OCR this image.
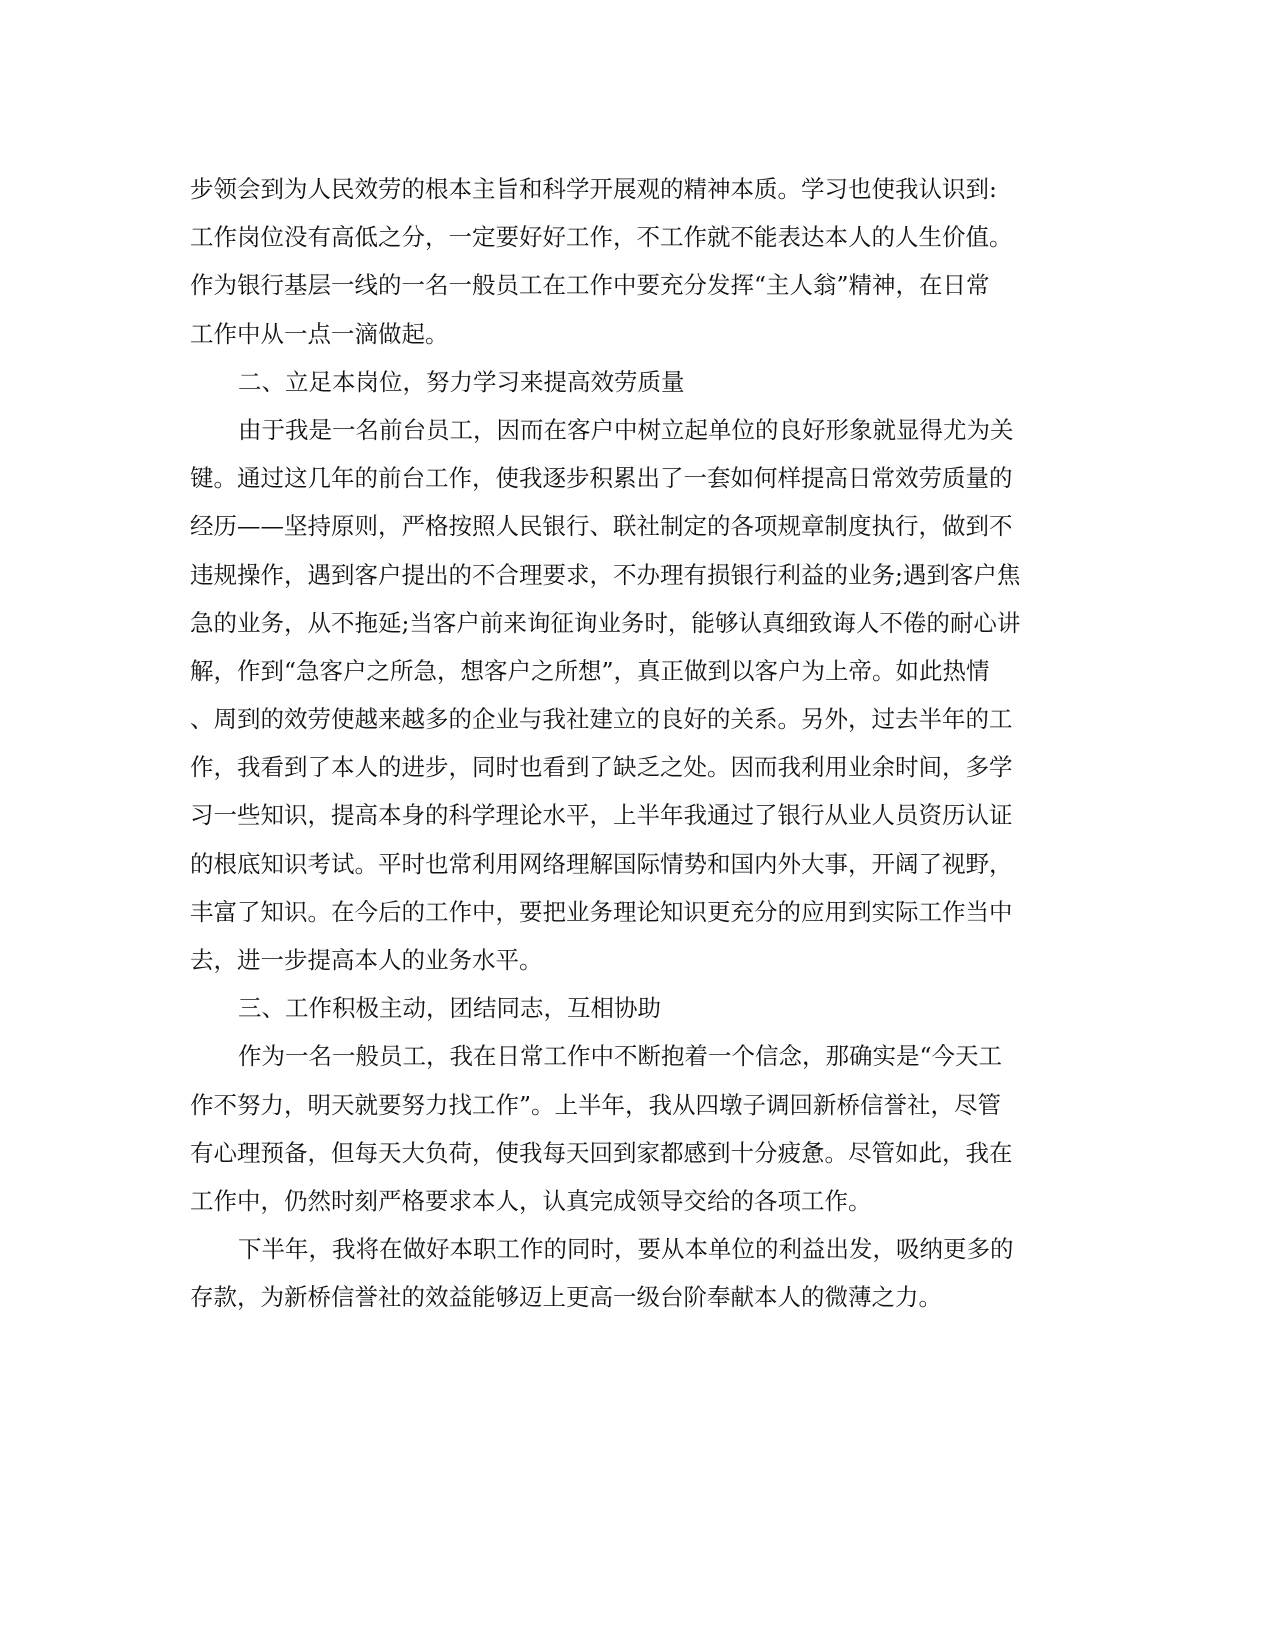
步领会到为人民效劳的根本主旨和科学开展观的精神本质。学习也使我认识到:
工作岗位没有高低之分，一定要好好工作，不工作就不能表达本人的人生价值。
作为银行基层一线的一名一般员工在工作中要充分发挥“主人翁”精神，在日常
工作中从一点一滴做起。
二、立足本岗位，努力学习来提高效劳质量
由于我是一名前台员工，因而在客户中树立起单位的良好形象就显得尤为关
键。通过这几年的前台工作，使我逐步积累出了一套如何样提高日常效劳质量的
经历——坚持原则，严格按照人民银行、联社制定的各项规章制度执行，做到不
违规操作，遇到客户提出的不合理要求，不办理有损银行利益的业务;遇到客户焦
急的业务，从不拖延;当客户前来询征询业务时，能够认真细致诲人不倦的耐心讲
解，作到“急客户之所急，想客户之所想”，真正做到以客户为上帝。如此热情
、周到的效劳使越来越多的企业与我社建立的良好的关系。另外，过去半年的工
作，我看到了本人的进步，同时也看到了缺乏之处。因而我利用业余时间，多学
习一些知识，提高本身的科学理论水平，上半年我通过了银行从业人员资历认证
的根底知识考试。平时也常利用网络理解国际情势和国内外大事，开阔了视野，
丰富了知识。在今后的工作中，要把业务理论知识更充分的应用到实际工作当中
去，进一步提高本人的业务水平。
三、工作积极主动，团结同志，互相协助
作为一名一般员工，我在日常工作中不断抱着一个信念，那确实是“今天工
作不努力，明天就要努力找工作”。上半年，我从四墩子调回新桥信誉社，尽管
有心理预备，但每天大负荷，使我每天回到家都感到十分疲惫。尽管如此，我在
工作中，仍然时刻严格要求本人，认真完成领导交给的各项工作。
下半年，我将在做好本职工作的同时，要从本单位的利益出发，吸纳更多的
存款，为新桥信誉社的效益能够迈上更高一级台阶奉献本人的微薄之力。
